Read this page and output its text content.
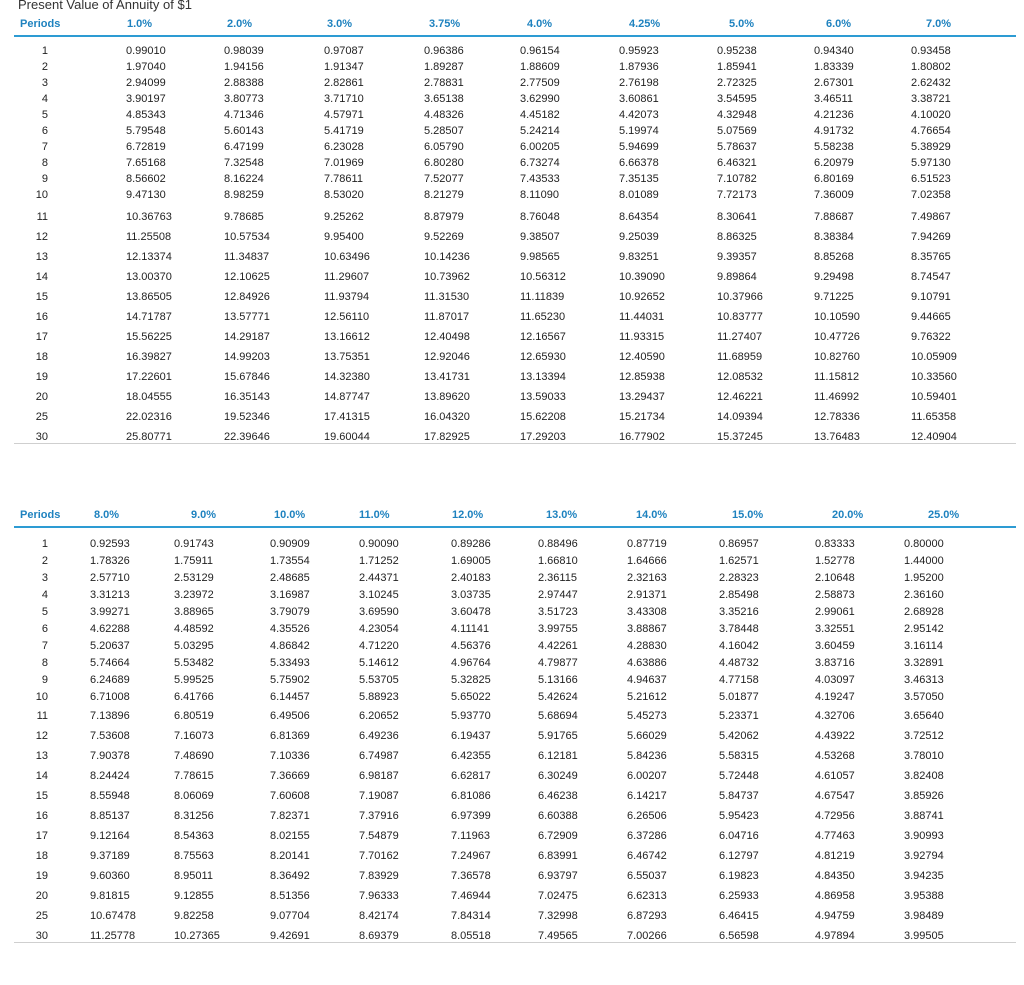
Present Value of Annuity of $1
Periods	1.0%	2.0%	3.0%	3.75%	4.0%	4.25%	5.0%	6.0%	7.0%
1	0.99010	0.98039	0.97087	0.96386	0.96154	0.95923	0.95238	0.94340	0.93458
2	1.97040	1.94156	1.91347	1.89287	1.88609	1.87936	1.85941	1.83339	1.80802
3	2.94099	2.88388	2.82861	2.78831	2.77509	2.76198	2.72325	2.67301	2.62432
4	3.90197	3.80773	3.71710	3.65138	3.62990	3.60861	3.54595	3.46511	3.38721
5	4.85343	4.71346	4.57971	4.48326	4.45182	4.42073	4.32948	4.21236	4.10020
6	5.79548	5.60143	5.41719	5.28507	5.24214	5.19974	5.07569	4.91732	4.76654
7	6.72819	6.47199	6.23028	6.05790	6.00205	5.94699	5.78637	5.58238	5.38929
8	7.65168	7.32548	7.01969	6.80280	6.73274	6.66378	6.46321	6.20979	5.97130
9	8.56602	8.16224	7.78611	7.52077	7.43533	7.35135	7.10782	6.80169	6.51523
10	9.47130	8.98259	8.53020	8.21279	8.11090	8.01089	7.72173	7.36009	7.02358
11	10.36763	9.78685	9.25262	8.87979	8.76048	8.64354	8.30641	7.88687	7.49867
12	11.25508	10.57534	9.95400	9.52269	9.38507	9.25039	8.86325	8.38384	7.94269
13	12.13374	11.34837	10.63496	10.14236	9.98565	9.83251	9.39357	8.85268	8.35765
14	13.00370	12.10625	11.29607	10.73962	10.56312	10.39090	9.89864	9.29498	8.74547
15	13.86505	12.84926	11.93794	11.31530	11.11839	10.92652	10.37966	9.71225	9.10791
16	14.71787	13.57771	12.56110	11.87017	11.65230	11.44031	10.83777	10.10590	9.44665
17	15.56225	14.29187	13.16612	12.40498	12.16567	11.93315	11.27407	10.47726	9.76322
18	16.39827	14.99203	13.75351	12.92046	12.65930	12.40590	11.68959	10.82760	10.05909
19	17.22601	15.67846	14.32380	13.41731	13.13394	12.85938	12.08532	11.15812	10.33560
20	18.04555	16.35143	14.87747	13.89620	13.59033	13.29437	12.46221	11.46992	10.59401
25	22.02316	19.52346	17.41315	16.04320	15.62208	15.21734	14.09394	12.78336	11.65358
30	25.80771	22.39646	19.60044	17.82925	17.29203	16.77902	15.37245	13.76483	12.40904
Periods	8.0%	9.0%	10.0%	11.0%	12.0%	13.0%	14.0%	15.0%	20.0%	25.0%
1	0.92593	0.91743	0.90909	0.90090	0.89286	0.88496	0.87719	0.86957	0.83333	0.80000
2	1.78326	1.75911	1.73554	1.71252	1.69005	1.66810	1.64666	1.62571	1.52778	1.44000
3	2.57710	2.53129	2.48685	2.44371	2.40183	2.36115	2.32163	2.28323	2.10648	1.95200
4	3.31213	3.23972	3.16987	3.10245	3.03735	2.97447	2.91371	2.85498	2.58873	2.36160
5	3.99271	3.88965	3.79079	3.69590	3.60478	3.51723	3.43308	3.35216	2.99061	2.68928
6	4.62288	4.48592	4.35526	4.23054	4.11141	3.99755	3.88867	3.78448	3.32551	2.95142
7	5.20637	5.03295	4.86842	4.71220	4.56376	4.42261	4.28830	4.16042	3.60459	3.16114
8	5.74664	5.53482	5.33493	5.14612	4.96764	4.79877	4.63886	4.48732	3.83716	3.32891
9	6.24689	5.99525	5.75902	5.53705	5.32825	5.13166	4.94637	4.77158	4.03097	3.46313
10	6.71008	6.41766	6.14457	5.88923	5.65022	5.42624	5.21612	5.01877	4.19247	3.57050
11	7.13896	6.80519	6.49506	6.20652	5.93770	5.68694	5.45273	5.23371	4.32706	3.65640
12	7.53608	7.16073	6.81369	6.49236	6.19437	5.91765	5.66029	5.42062	4.43922	3.72512
13	7.90378	7.48690	7.10336	6.74987	6.42355	6.12181	5.84236	5.58315	4.53268	3.78010
14	8.24424	7.78615	7.36669	6.98187	6.62817	6.30249	6.00207	5.72448	4.61057	3.82408
15	8.55948	8.06069	7.60608	7.19087	6.81086	6.46238	6.14217	5.84737	4.67547	3.85926
16	8.85137	8.31256	7.82371	7.37916	6.97399	6.60388	6.26506	5.95423	4.72956	3.88741
17	9.12164	8.54363	8.02155	7.54879	7.11963	6.72909	6.37286	6.04716	4.77463	3.90993
18	9.37189	8.75563	8.20141	7.70162	7.24967	6.83991	6.46742	6.12797	4.81219	3.92794
19	9.60360	8.95011	8.36492	7.83929	7.36578	6.93797	6.55037	6.19823	4.84350	3.94235
20	9.81815	9.12855	8.51356	7.96333	7.46944	7.02475	6.62313	6.25933	4.86958	3.95388
25	10.67478	9.82258	9.07704	8.42174	7.84314	7.32998	6.87293	6.46415	4.94759	3.98489
30	11.25778	10.27365	9.42691	8.69379	8.05518	7.49565	7.00266	6.56598	4.97894	3.99505
